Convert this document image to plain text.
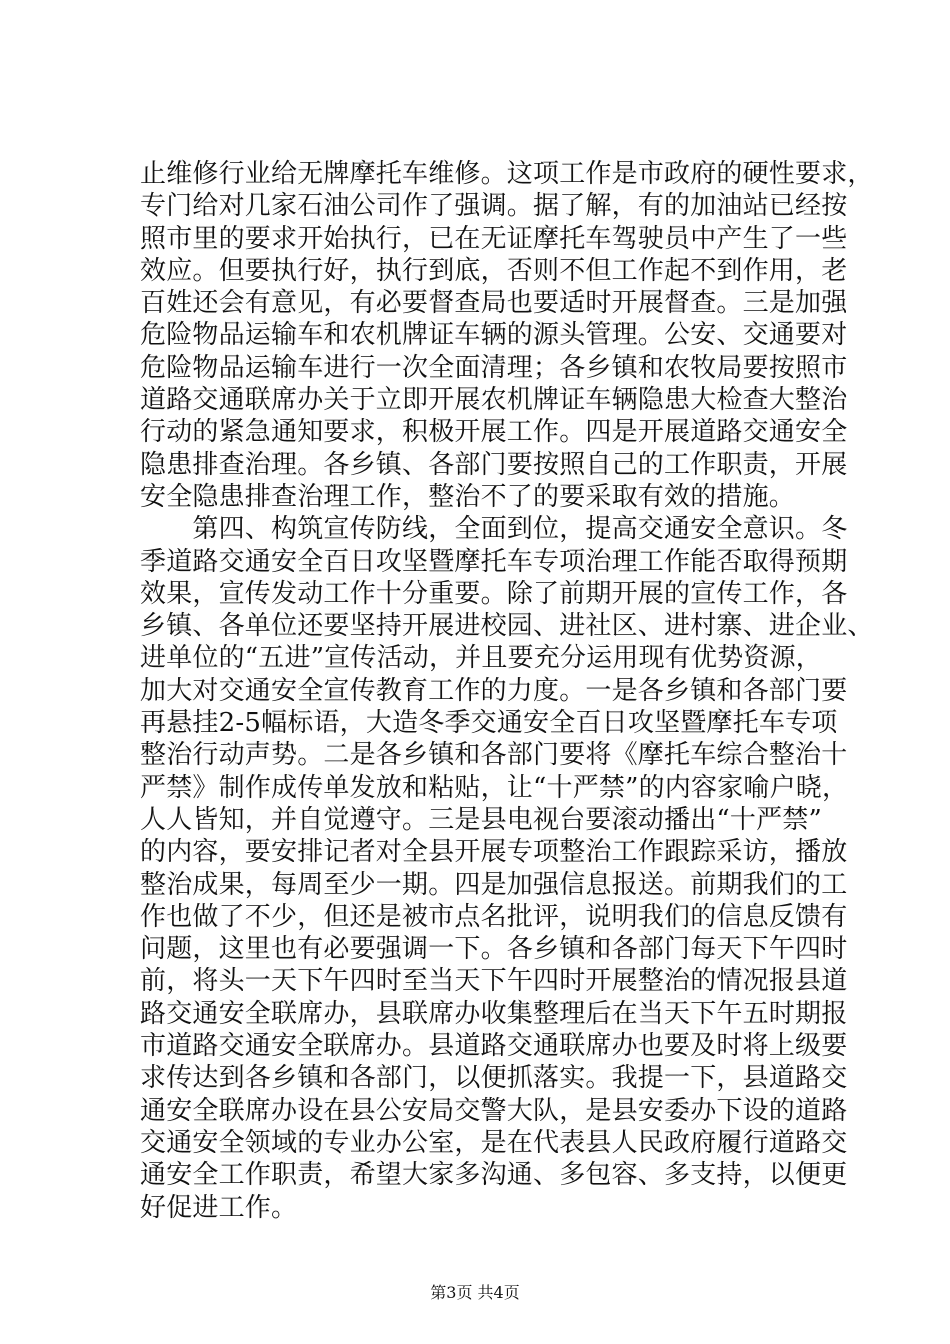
止维修行业给无牌摩托车维修。这项工作是市政府的硬性要求，
专门给对几家石油公司作了强调。据了解，有的加油站已经按
照市里的要求开始执行，已在无证摩托车驾驶员中产生了一些
效应。但要执行好，执行到底，否则不但工作起不到作用，老
百姓还会有意见，有必要督查局也要适时开展督查。三是加强
危险物品运输车和农机牌证车辆的源头管理。公安、交通要对
危险物品运输车进行一次全面清理；各乡镇和农牧局要按照市
道路交通联席办关于立即开展农机牌证车辆隐患大检查大整治
行动的紧急通知要求，积极开展工作。四是开展道路交通安全
隐患排查治理。各乡镇、各部门要按照自己的工作职责，开展
安全隐患排查治理工作，整治不了的要采取有效的措施。
　　第四、构筑宣传防线，全面到位，提高交通安全意识。冬
季道路交通安全百日攻坚暨摩托车专项治理工作能否取得预期
效果，宣传发动工作十分重要。除了前期开展的宣传工作，各
乡镇、各单位还要坚持开展进校园、进社区、进村寨、进企业、
进单位的“五进”宣传活动，并且要充分运用现有优势资源，
加大对交通安全宣传教育工作的力度。一是各乡镇和各部门要
再悬挂2-5幅标语，大造冬季交通安全百日攻坚暨摩托车专项
整治行动声势。二是各乡镇和各部门要将《摩托车综合整治十
严禁》制作成传单发放和粘贴，让“十严禁”的内容家喻户晓，
人人皆知，并自觉遵守。三是县电视台要滚动播出“十严禁”
的内容，要安排记者对全县开展专项整治工作跟踪采访，播放
整治成果，每周至少一期。四是加强信息报送。前期我们的工
作也做了不少，但还是被市点名批评，说明我们的信息反馈有
问题，这里也有必要强调一下。各乡镇和各部门每天下午四时
前，将头一天下午四时至当天下午四时开展整治的情况报县道
路交通安全联席办，县联席办收集整理后在当天下午五时期报
市道路交通安全联席办。县道路交通联席办也要及时将上级要
求传达到各乡镇和各部门，以便抓落实。我提一下，县道路交
通安全联席办设在县公安局交警大队，是县安委办下设的道路
交通安全领域的专业办公室，是在代表县人民政府履行道路交
通安全工作职责，希望大家多沟通、多包容、多支持，以便更
好促进工作。
第3页 共4页
